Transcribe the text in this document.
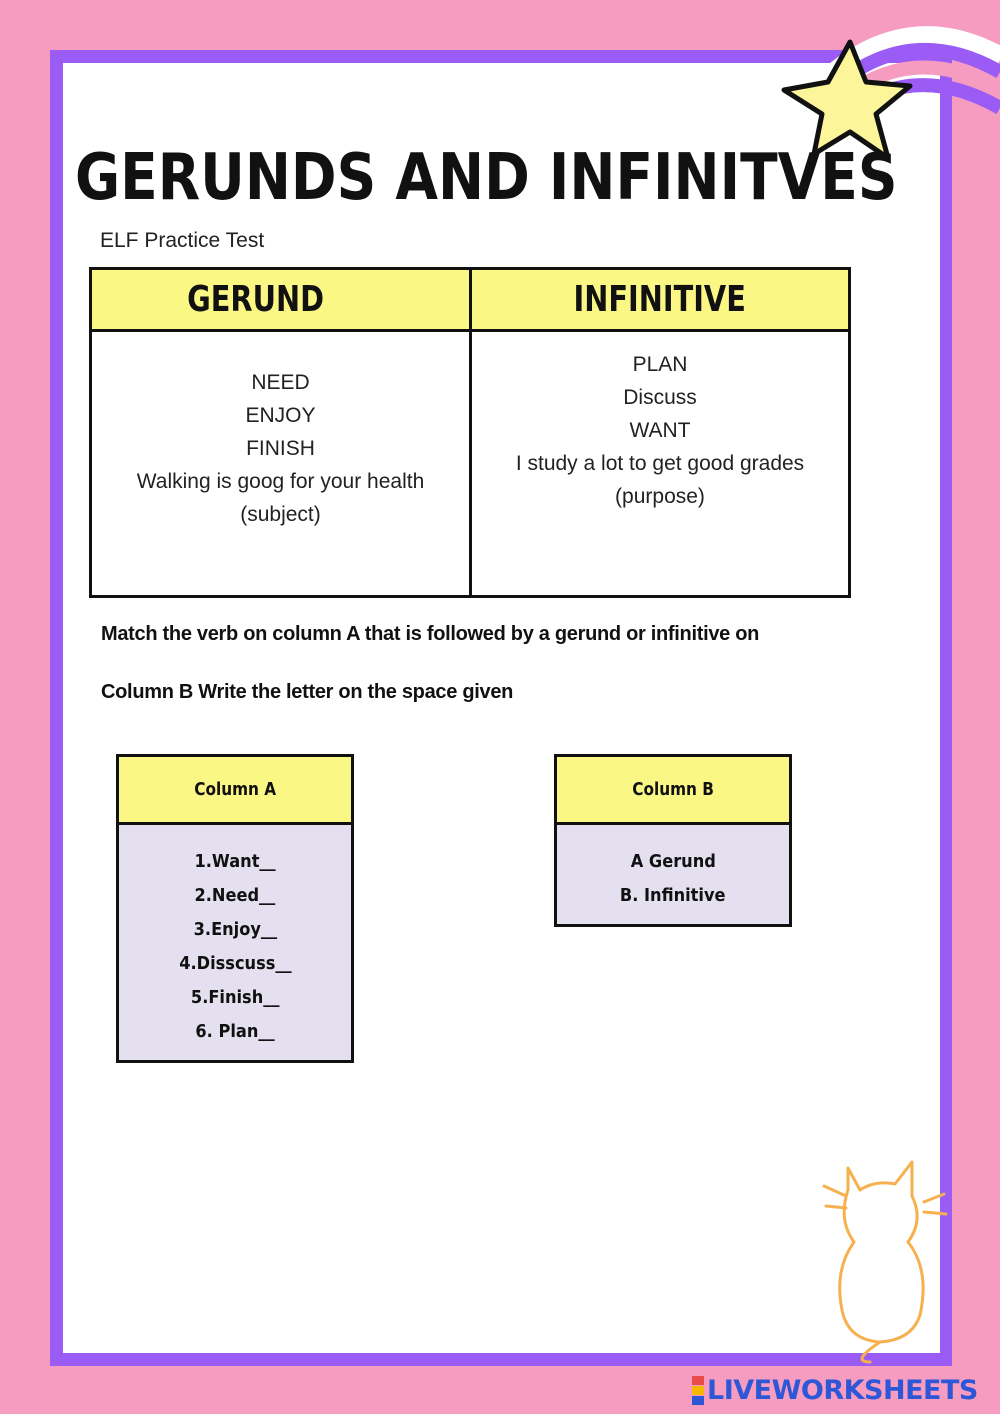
GERUNDS AND INFINITVES
ELF Practice Test
GERUND	INFINITIVE
NEED
ENJOY
FINISH
Walking is goog for your health
(subject)
PLAN
Discuss
WANT
I study a lot to get good grades
(purpose)
Match the verb on column A that is followed by a gerund or infinitive on
Column B Write the letter on the space given
Column A
1.Want__
2.Need__
3.Enjoy__
4.Disscuss__
5.Finish__
6. Plan__
Column B
A Gerund
B. Infinitive
LIVEWORKSHEETS
